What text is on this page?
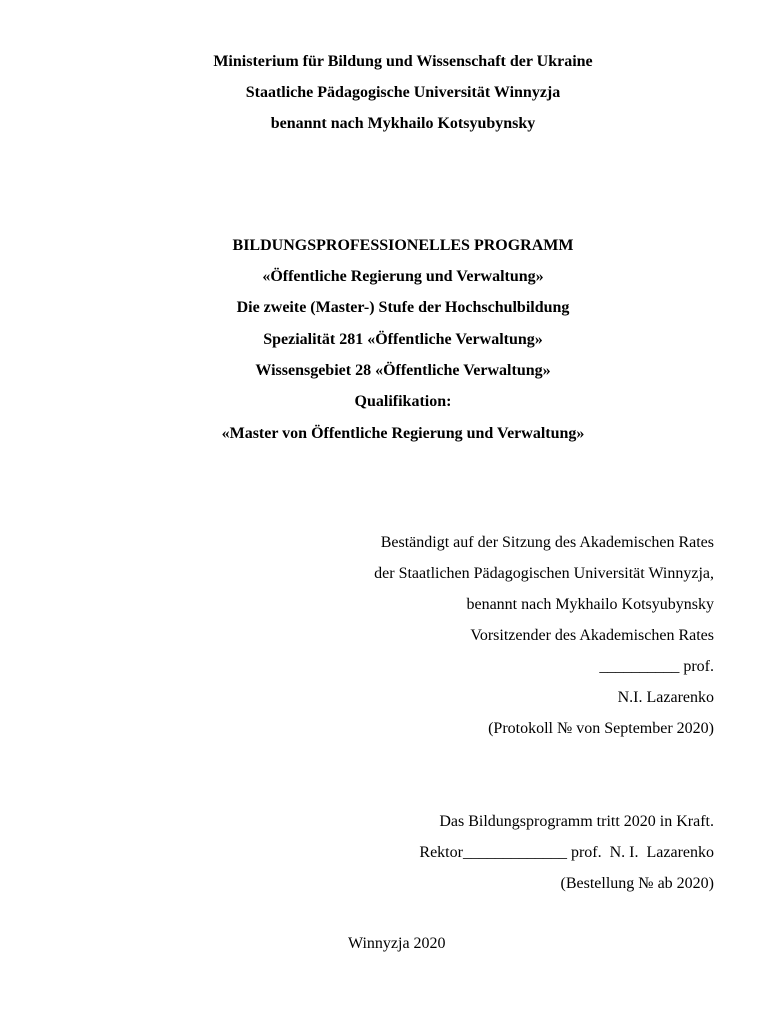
Ministerium für Bildung und Wissenschaft der Ukraine
Staatliche Pädagogische Universität Winnyzja
benannt nach Mykhailo Kotsyubynsky
BILDUNGSPROFESSIONELLES PROGRAMM
«Öffentliche Regierung und Verwaltung»
Die zweite (Master-) Stufe der Hochschulbildung
Spezialität 281 «Öffentliche Verwaltung»
Wissensgebiet 28 «Öffentliche Verwaltung»
Qualifikation:
«Master von Öffentliche Regierung und Verwaltung»
Beständigt auf der Sitzung des Akademischen Rates
der Staatlichen Pädagogischen Universität Winnyzja,
benannt nach Mykhailo Kotsyubynsky
Vorsitzender des Akademischen Rates
__________ prof.
N.I. Lazarenko
(Protokoll № von September 2020)
Das Bildungsprogramm tritt 2020 in Kraft.
Rektor_____________ prof.  N. I.  Lazarenko
(Bestellung № ab 2020)
Winnyzja 2020
